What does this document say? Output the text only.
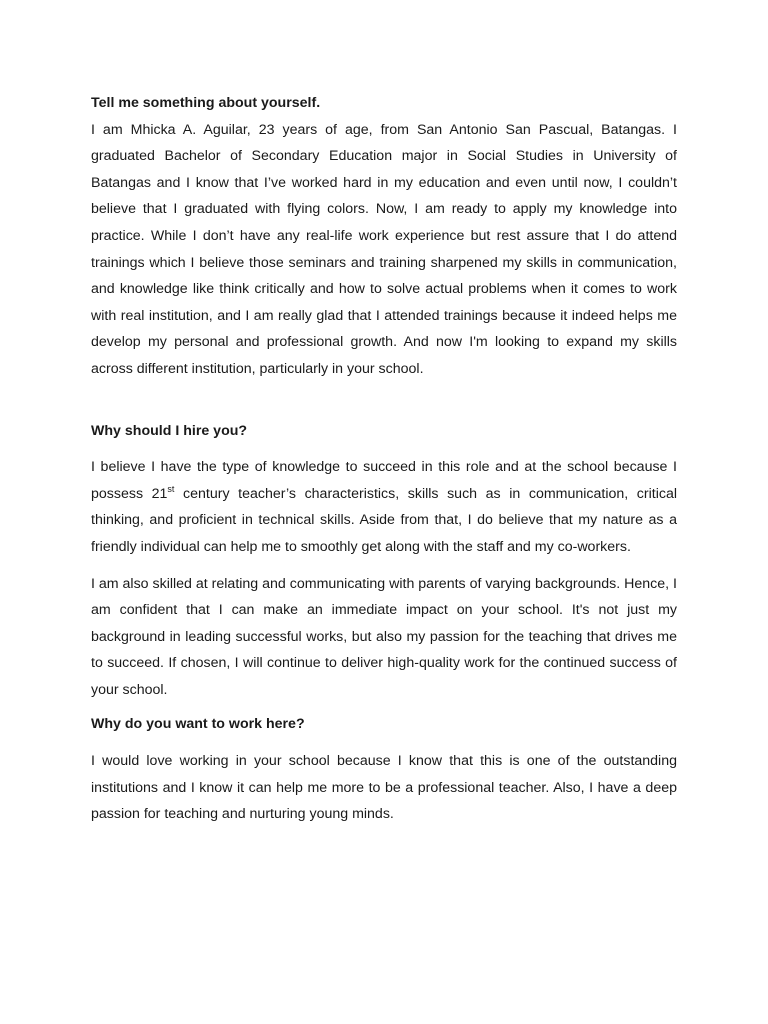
Tell me something about yourself.

I am Mhicka A. Aguilar, 23 years of age, from San Antonio San Pascual, Batangas. I graduated Bachelor of Secondary Education major in Social Studies in University of Batangas and I know that I’ve worked hard in my education and even until now, I couldn’t believe that I graduated with flying colors. Now, I am ready to apply my knowledge into practice. While I don’t have any real-life work experience but rest assure that I do attend trainings which I believe those seminars and training sharpened my skills in communication, and knowledge like think critically and how to solve actual problems when it comes to work with real institution, and I am really glad that I attended trainings because it indeed helps me develop my personal and professional growth. And now I'm looking to expand my skills across different institution, particularly in your school.

Why should I hire you?

I believe I have the type of knowledge to succeed in this role and at the school because I possess 21st century teacher’s characteristics, skills such as in communication, critical thinking, and proficient in technical skills. Aside from that, I do believe that my nature as a friendly individual can help me to smoothly get along with the staff and my co-workers.

I am also skilled at relating and communicating with parents of varying backgrounds. Hence, I am confident that I can make an immediate impact on your school. It's not just my background in leading successful works, but also my passion for the teaching that drives me to succeed. If chosen, I will continue to deliver high-quality work for the continued success of your school.

Why do you want to work here?

I would love working in your school because I know that this is one of the outstanding institutions and I know it can help me more to be a professional teacher. Also, I have a deep passion for teaching and nurturing young minds.
